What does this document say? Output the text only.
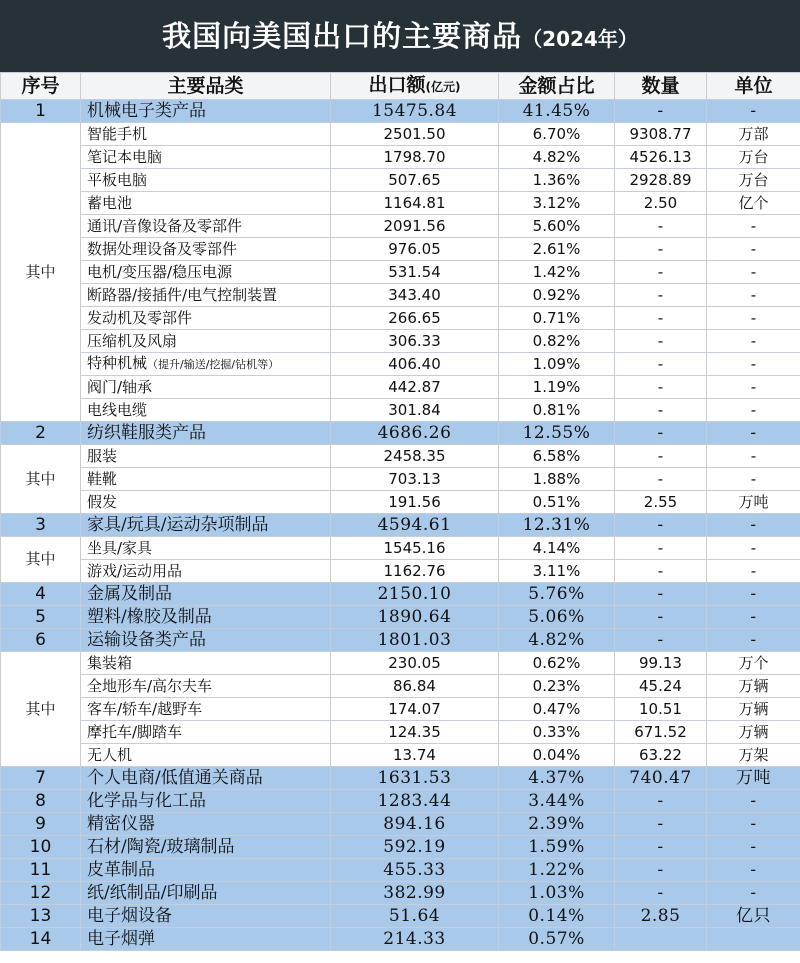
我国向美国出口的主要商品（2024年）
序号	主要品类	出口额(亿元)	金额占比	数量	单位
1	机械电子类产品	15475.84	41.45%	-	-
其中	智能手机	2501.50	6.70%	9308.77	万部
	笔记本电脑	1798.70	4.82%	4526.13	万台
	平板电脑	507.65	1.36%	2928.89	万台
	蓄电池	1164.81	3.12%	2.50	亿个
	通讯/音像设备及零部件	2091.56	5.60%	-	-
	数据处理设备及零部件	976.05	2.61%	-	-
	电机/变压器/稳压电源	531.54	1.42%	-	-
	断路器/接插件/电气控制装置	343.40	0.92%	-	-
	发动机及零部件	266.65	0.71%	-	-
	压缩机及风扇	306.33	0.82%	-	-
	特种机械（提升/输送/挖掘/钻机等）	406.40	1.09%	-	-
	阀门/轴承	442.87	1.19%	-	-
	电线电缆	301.84	0.81%	-	-
2	纺织鞋服类产品	4686.26	12.55%	-	-
其中	服装	2458.35	6.58%	-	-
	鞋靴	703.13	1.88%	-	-
	假发	191.56	0.51%	2.55	万吨
3	家具/玩具/运动杂项制品	4594.61	12.31%	-	-
其中	坐具/家具	1545.16	4.14%	-	-
	游戏/运动用品	1162.76	3.11%	-	-
4	金属及制品	2150.10	5.76%	-	-
5	塑料/橡胶及制品	1890.64	5.06%	-	-
6	运输设备类产品	1801.03	4.82%	-	-
其中	集装箱	230.05	0.62%	99.13	万个
	全地形车/高尔夫车	86.84	0.23%	45.24	万辆
	客车/轿车/越野车	174.07	0.47%	10.51	万辆
	摩托车/脚踏车	124.35	0.33%	671.52	万辆
	无人机	13.74	0.04%	63.22	万架
7	个人电商/低值通关商品	1631.53	4.37%	740.47	万吨
8	化学品与化工品	1283.44	3.44%	-	-
9	精密仪器	894.16	2.39%	-	-
10	石材/陶瓷/玻璃制品	592.19	1.59%	-	-
11	皮革制品	455.33	1.22%	-	-
12	纸/纸制品/印刷品	382.99	1.03%	-	-
13	电子烟设备	51.64	0.14%	2.85	亿只
14	电子烟弹	214.33	0.57%		
